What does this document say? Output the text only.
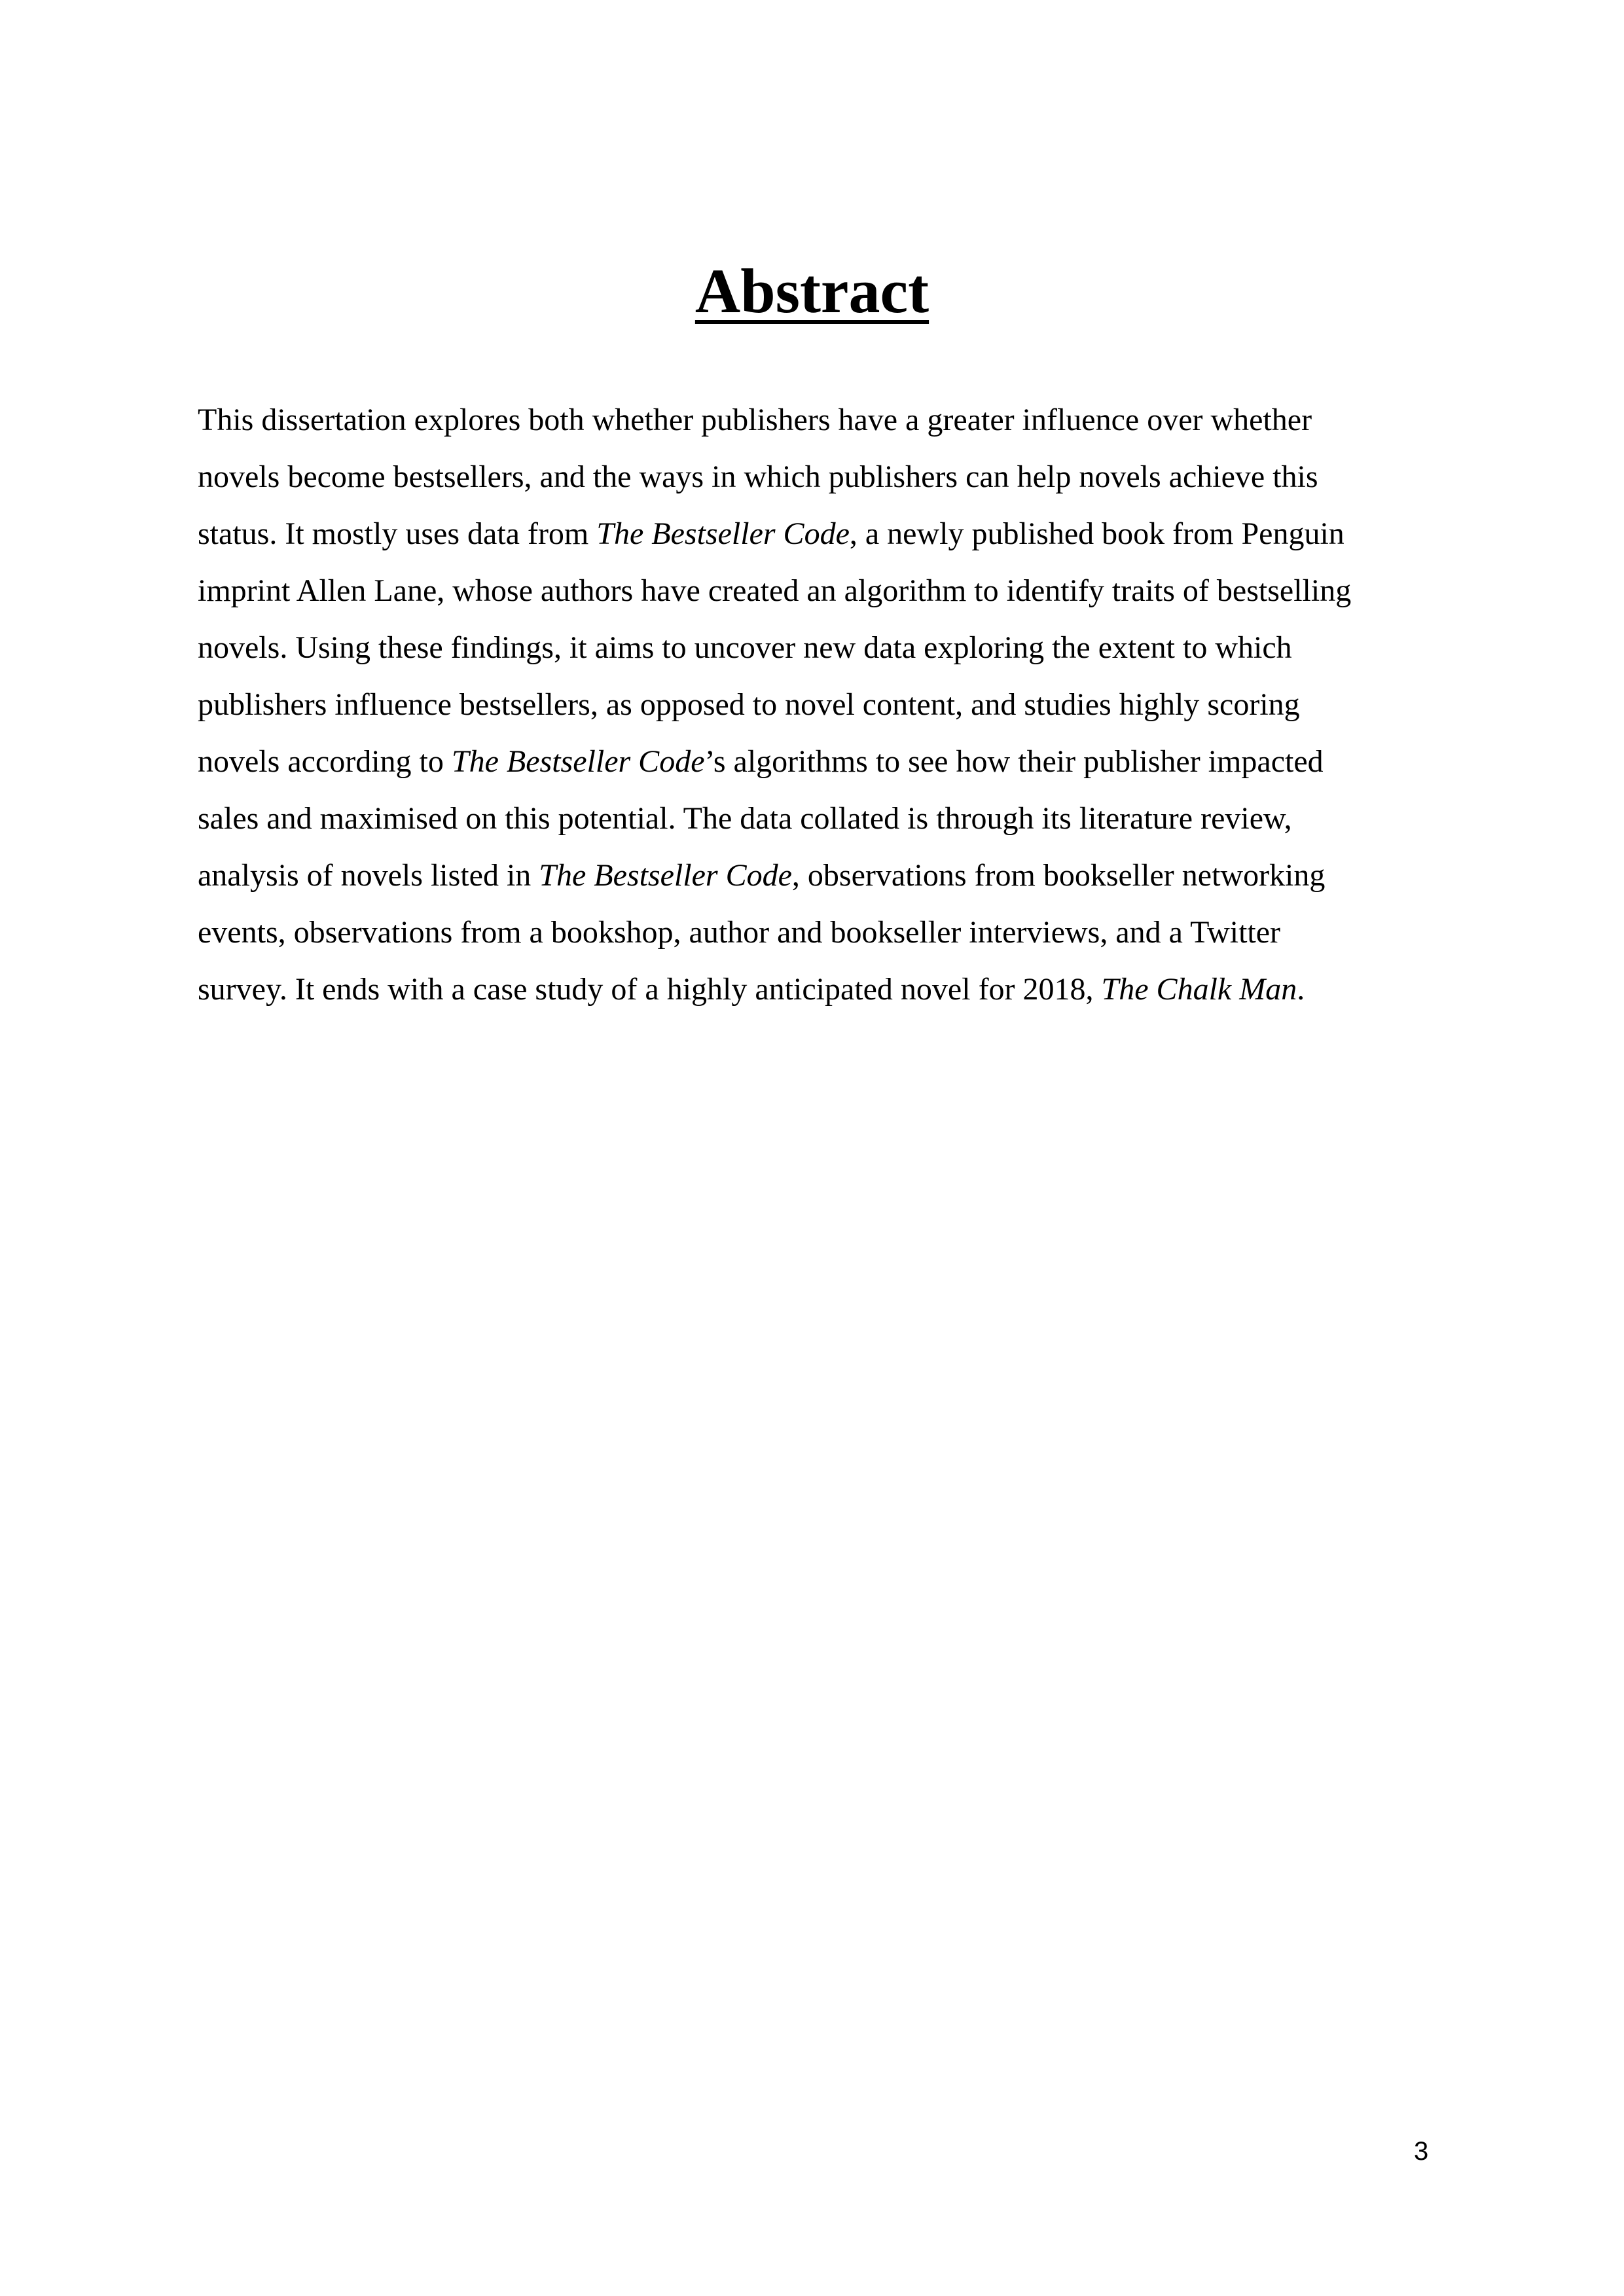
Abstract
This dissertation explores both whether publishers have a greater influence over whether
novels become bestsellers, and the ways in which publishers can help novels achieve this
status. It mostly uses data from The Bestseller Code, a newly published book from Penguin
imprint Allen Lane, whose authors have created an algorithm to identify traits of bestselling
novels. Using these findings, it aims to uncover new data exploring the extent to which
publishers influence bestsellers, as opposed to novel content, and studies highly scoring
novels according to The Bestseller Code’s algorithms to see how their publisher impacted
sales and maximised on this potential. The data collated is through its literature review,
analysis of novels listed in The Bestseller Code, observations from bookseller networking
events, observations from a bookshop, author and bookseller interviews, and a Twitter
survey. It ends with a case study of a highly anticipated novel for 2018, The Chalk Man.
3
